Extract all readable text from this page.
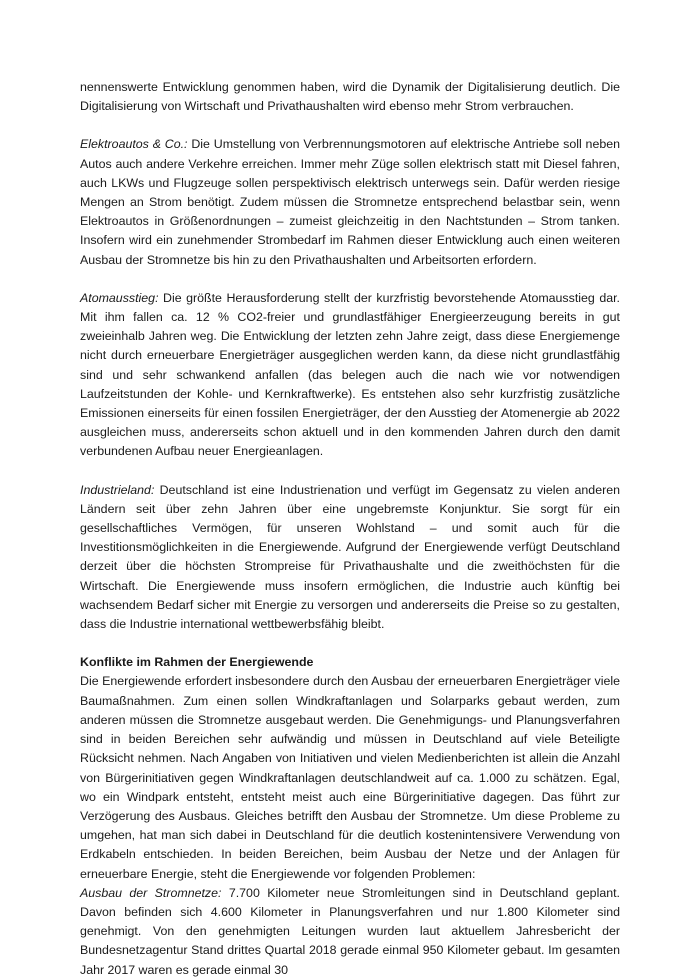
nennenswerte Entwicklung genommen haben, wird die Dynamik der Digitalisierung deutlich. Die Digitalisierung von Wirtschaft und Privathaushalten wird ebenso mehr Strom verbrauchen.

Elektroautos & Co.: Die Umstellung von Verbrennungsmotoren auf elektrische Antriebe soll neben Autos auch andere Verkehre erreichen. Immer mehr Züge sollen elektrisch statt mit Diesel fahren, auch LKWs und Flugzeuge sollen perspektivisch elektrisch unterwegs sein. Dafür werden riesige Mengen an Strom benötigt. Zudem müssen die Stromnetze entsprechend belastbar sein, wenn Elektroautos in Größenordnungen – zumeist gleichzeitig in den Nachtstunden – Strom tanken. Insofern wird ein zunehmender Strombedarf im Rahmen dieser Entwicklung auch einen weiteren Ausbau der Stromnetze bis hin zu den Privathaushalten und Arbeitsorten erfordern.

Atomausstieg: Die größte Herausforderung stellt der kurzfristig bevorstehende Atomausstieg dar. Mit ihm fallen ca. 12 % CO2-freier und grundlastfähiger Energieerzeugung bereits in gut zweieinhalb Jahren weg. Die Entwicklung der letzten zehn Jahre zeigt, dass diese Energiemenge nicht durch erneuerbare Energieträger ausgeglichen werden kann, da diese nicht grundlastfähig sind und sehr schwankend anfallen (das belegen auch die nach wie vor notwendigen Laufzeitstunden der Kohle- und Kernkraftwerke). Es entstehen also sehr kurzfristig zusätzliche Emissionen einerseits für einen fossilen Energieträger, der den Ausstieg der Atomenergie ab 2022 ausgleichen muss, andererseits schon aktuell und in den kommenden Jahren durch den damit verbundenen Aufbau neuer Energieanlagen.

Industrieland: Deutschland ist eine Industrienation und verfügt im Gegensatz zu vielen anderen Ländern seit über zehn Jahren über eine ungebremste Konjunktur. Sie sorgt für ein gesellschaftliches Vermögen, für unseren Wohlstand – und somit auch für die Investitionsmöglichkeiten in die Energiewende. Aufgrund der Energiewende verfügt Deutschland derzeit über die höchsten Strompreise für Privathaushalte und die zweithöchsten für die Wirtschaft. Die Energiewende muss insofern ermöglichen, die Industrie auch künftig bei wachsendem Bedarf sicher mit Energie zu versorgen und andererseits die Preise so zu gestalten, dass die Industrie international wettbewerbsfähig bleibt.

Konflikte im Rahmen der Energiewende

Die Energiewende erfordert insbesondere durch den Ausbau der erneuerbaren Energieträger viele Baumaßnahmen. Zum einen sollen Windkraftanlagen und Solarparks gebaut werden, zum anderen müssen die Stromnetze ausgebaut werden. Die Genehmigungs- und Planungsverfahren sind in beiden Bereichen sehr aufwändig und müssen in Deutschland auf viele Beteiligte Rücksicht nehmen. Nach Angaben von Initiativen und vielen Medienberichten ist allein die Anzahl von Bürgerinitiativen gegen Windkraftanlagen deutschlandweit auf ca. 1.000 zu schätzen. Egal, wo ein Windpark entsteht, entsteht meist auch eine Bürgerinitiative dagegen. Das führt zur Verzögerung des Ausbaus. Gleiches betrifft den Ausbau der Stromnetze. Um diese Probleme zu umgehen, hat man sich dabei in Deutschland für die deutlich kostenintensivere Verwendung von Erdkabeln entschieden. In beiden Bereichen, beim Ausbau der Netze und der Anlagen für erneuerbare Energie, steht die Energiewende vor folgenden Problemen:

Ausbau der Stromnetze: 7.700 Kilometer neue Stromleitungen sind in Deutschland geplant. Davon befinden sich 4.600 Kilometer in Planungsverfahren und nur 1.800 Kilometer sind genehmigt. Von den genehmigten Leitungen wurden laut aktuellem Jahresbericht der Bundesnetzagentur Stand drittes Quartal 2018 gerade einmal 950 Kilometer gebaut. Im gesamten Jahr 2017 waren es gerade einmal 30
